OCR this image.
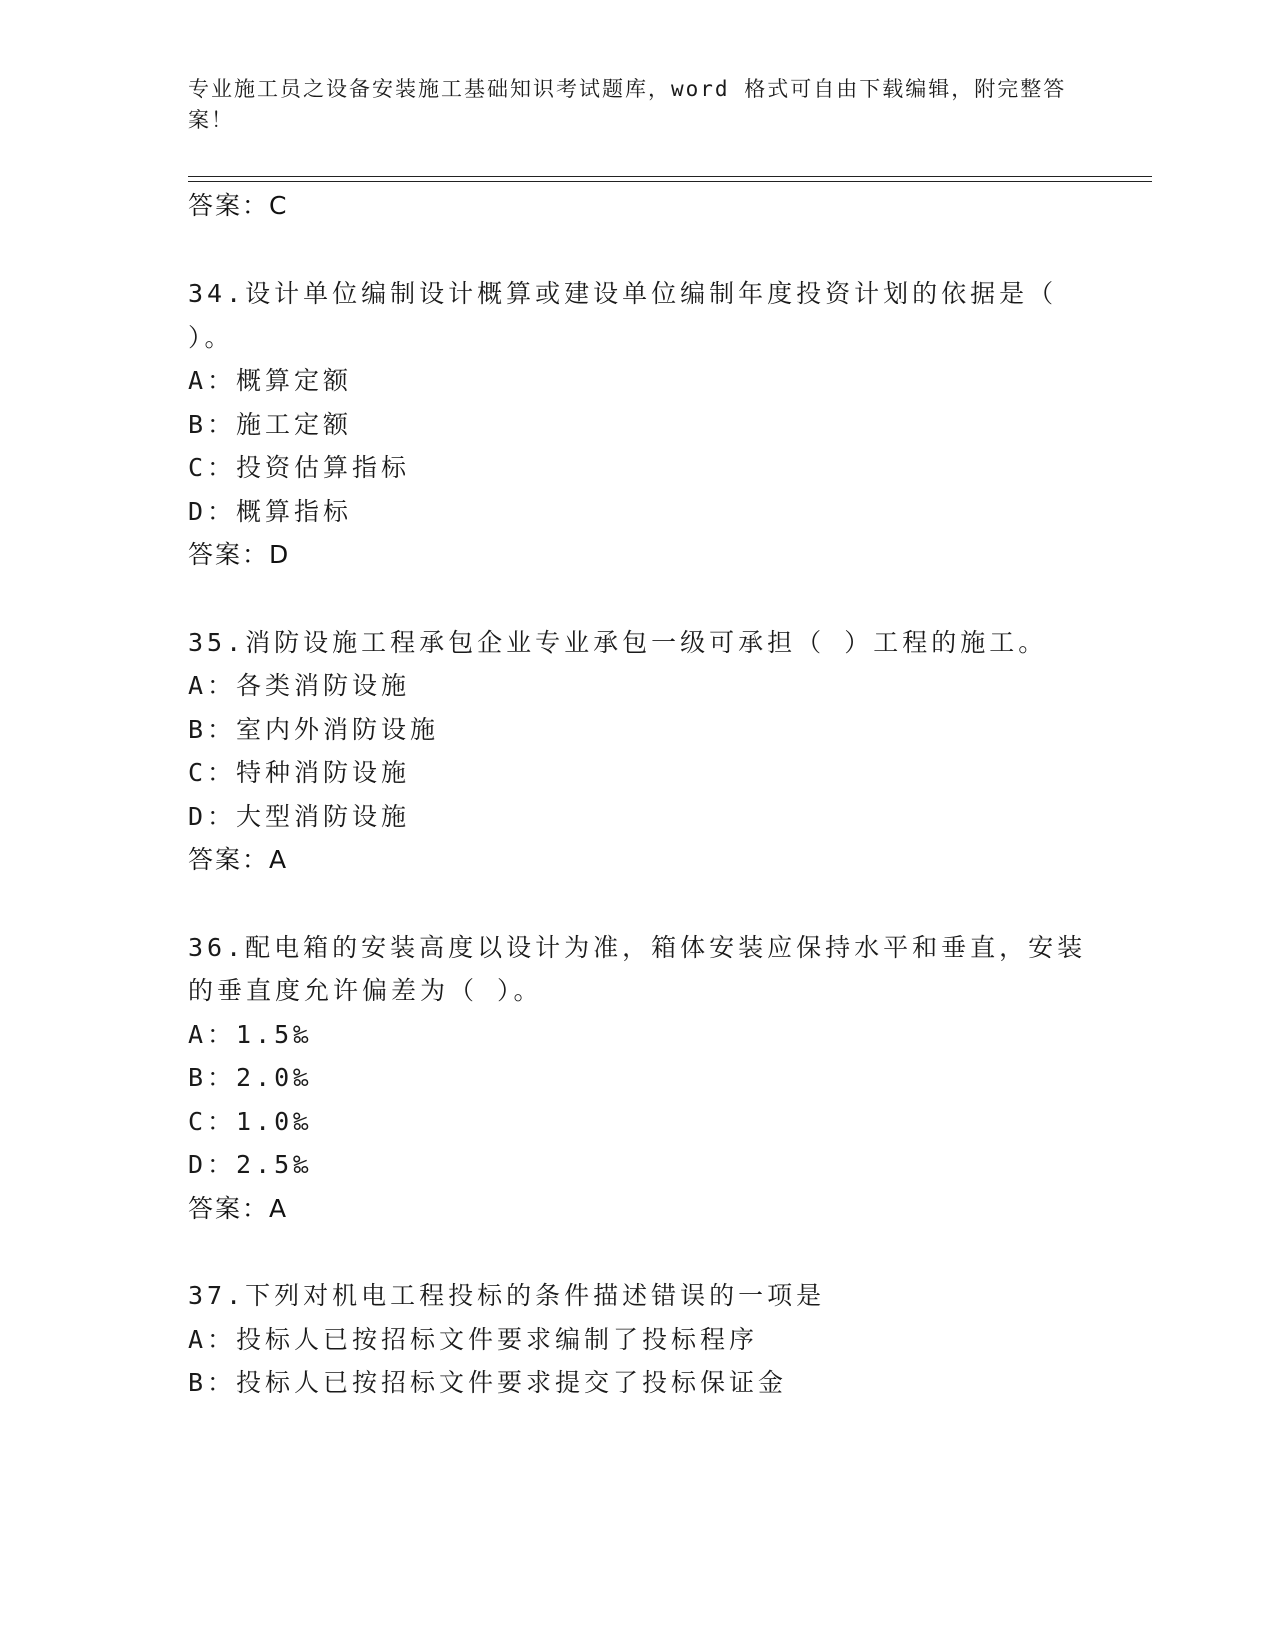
专业施工员之设备安装施工基础知识考试题库，word 格式可自由下载编辑，附完整答案！
答案：C
34.设计单位编制设计概算或建设单位编制年度投资计划的依据是（
）。
A：概算定额
B：施工定额
C：投资估算指标
D：概算指标
答案：D
35.消防设施工程承包企业专业承包一级可承担（ ）工程的施工。
A：各类消防设施
B：室内外消防设施
C：特种消防设施
D：大型消防设施
答案：A
36.配电箱的安装高度以设计为准，箱体安装应保持水平和垂直，安装
的垂直度允许偏差为（ ）。
A：1.5‰
B：2.0‰
C：1.0‰
D：2.5‰
答案：A
37.下列对机电工程投标的条件描述错误的一项是
A：投标人已按招标文件要求编制了投标程序
B：投标人已按招标文件要求提交了投标保证金
